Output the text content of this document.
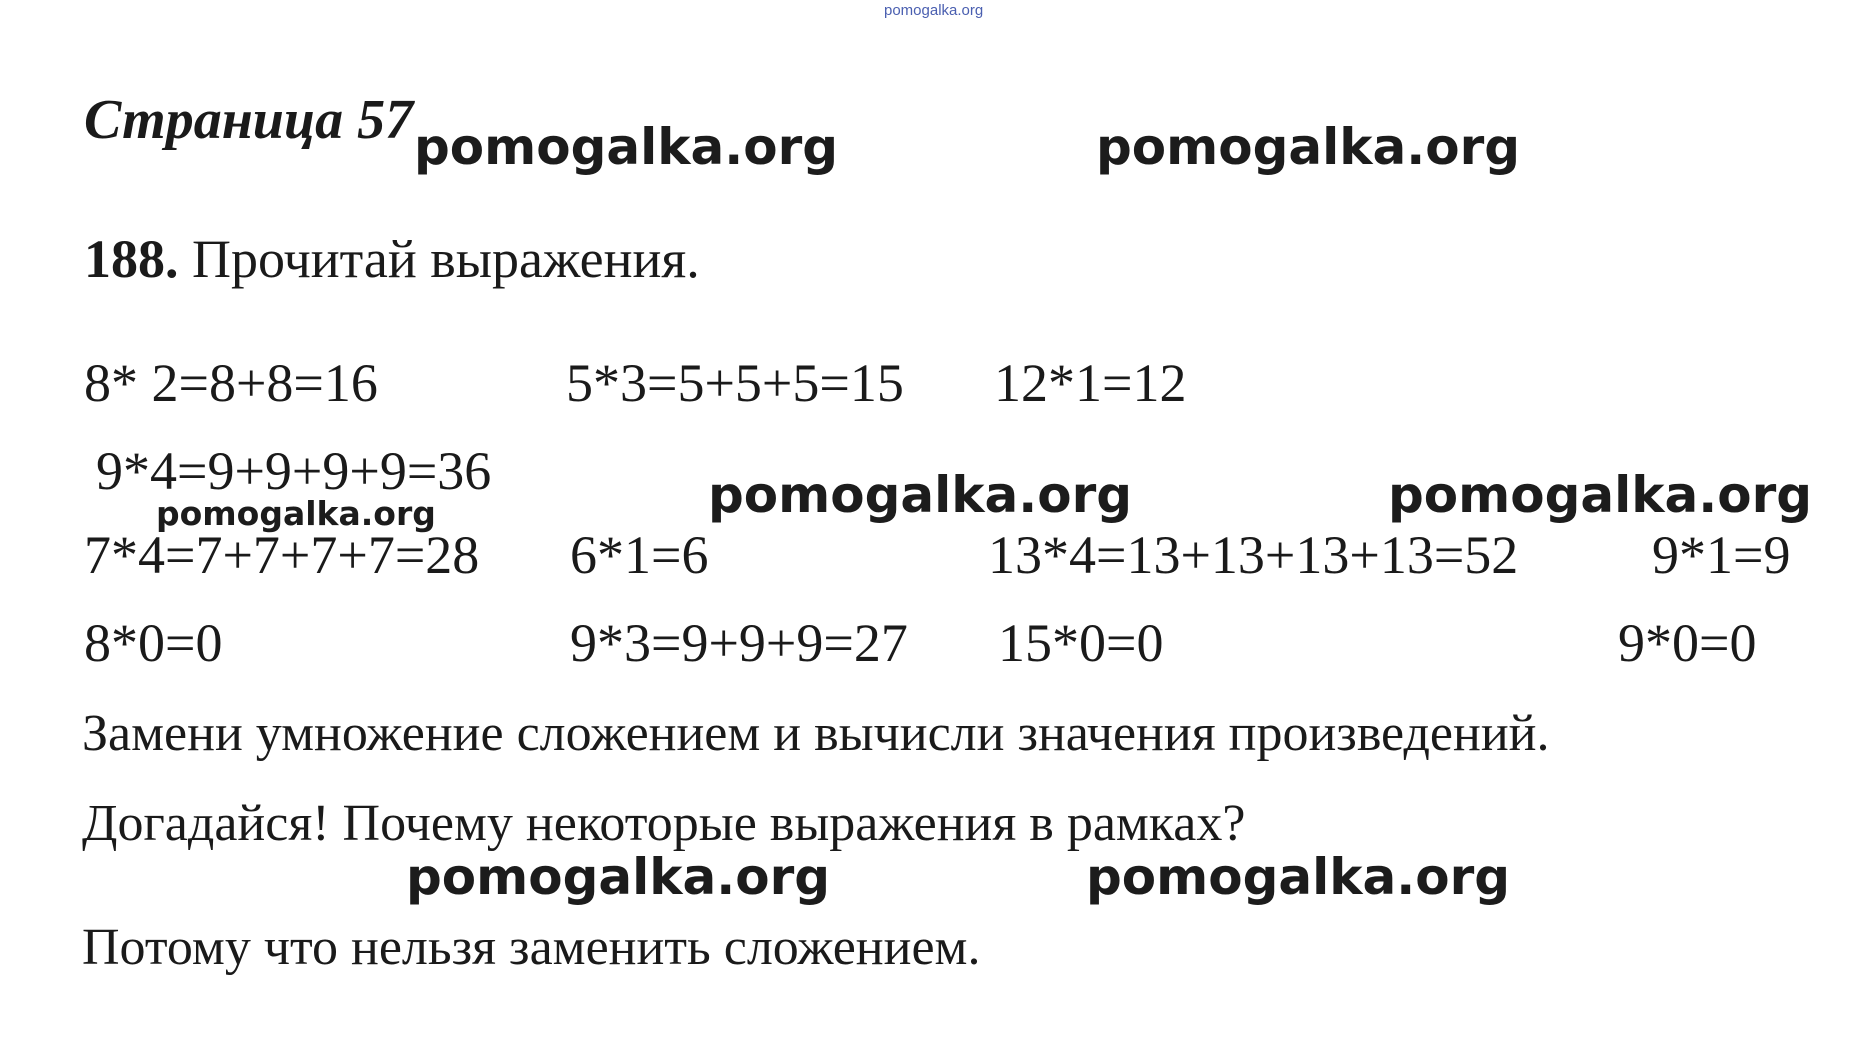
pomogalka.org
Страница 57 pomogalka.org	pomogalka.org
188. Прочитай выражения.
8* 2=8+8=16	5*3=5+5+5=15 12*1=12
9*4=9+9+9+9=36
pomogalka.org	pomogalka.org	pomogalka.org
7*4=7+7+7+7=28 6*1=6	13*4=13+13+13+13=52 9*1=9
8*0=0	9*3=9+9+9=27 15*0=0	9*0=0
Замени умножение сложением и вычисли значения произведений.
Догадайся! Почему некоторые выражения в рамках?
pomogalka.org	pomogalka.org
Потому что нельзя заменить сложением.
